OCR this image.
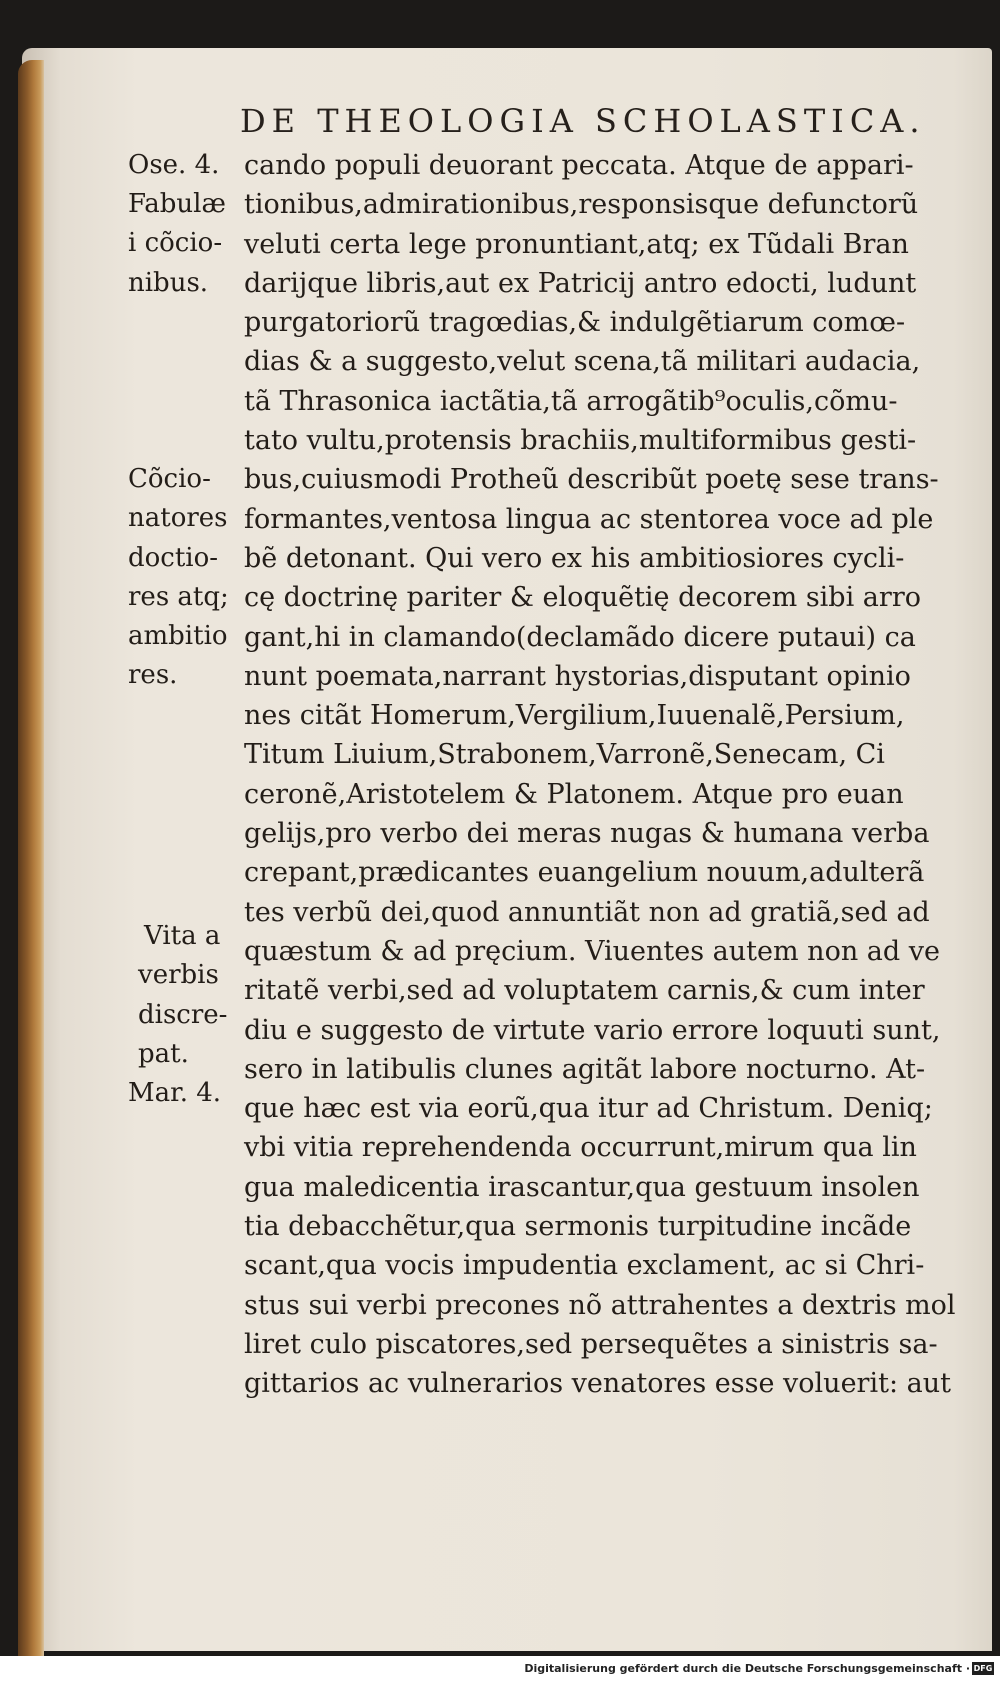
DE THEOLOGIA SCHOLASTICA.
Ose. 4.
Fabulæ
i cõcio-
nibus.
Cõcio-
natores
doctio-
res atq;
ambitio
res.
Vita a
verbis
discre-
pat.
Mar. 4.
cando populi deuorant peccata. Atque de appari-
tionibus,admirationibus,responsisque defunctorũ
veluti certa lege pronuntiant,atq; ex Tũdali Bran
darijque libris,aut ex Patricij antro edocti, ludunt
purgatoriorũ tragœdias,& indulgẽtiarum comœ-
dias & a suggesto,velut scena,tã militari audacia,
tã Thrasonica iactãtia,tã arrogãtib⁹oculis,cõmu-
tato vultu,protensis brachiis,multiformibus gesti-
bus,cuiusmodi Protheũ describũt poetę sese trans-
formantes,ventosa lingua ac stentorea voce ad ple
bẽ detonant. Qui vero ex his ambitiosiores cycli-
cę doctrinę pariter & eloquẽtię decorem sibi arro
gant,hi in clamando(declamãdo dicere putaui) ca
nunt poemata,narrant hystorias,disputant opinio
nes citãt Homerum,Vergilium,Iuuenalẽ,Persium,
Titum Liuium,Strabonem,Varronẽ,Senecam, Ci
ceronẽ,Aristotelem & Platonem. Atque pro euan
gelijs,pro verbo dei meras nugas & humana verba
crepant,prædicantes euangelium nouum,adulterã
tes verbũ dei,quod annuntiãt non ad gratiã,sed ad
quæstum & ad pręcium. Viuentes autem non ad ve
ritatẽ verbi,sed ad voluptatem carnis,& cum inter
diu e suggesto de virtute vario errore loquuti sunt,
sero in latibulis clunes agitãt labore nocturno. At-
que hæc est via eorũ,qua itur ad Christum. Deniq;
vbi vitia reprehendenda occurrunt,mirum qua lin
gua maledicentia irascantur,qua gestuum insolen
tia debacchẽtur,qua sermonis turpitudine incãde
scant,qua vocis impudentia exclament, ac si Chri-
stus sui verbi precones nõ attrahentes a dextris mol
liret culo piscatores,sed persequẽtes a sinistris sa-
gittarios ac vulnerarios venatores esse voluerit: aut
Digitalisierung gefördert durch die Deutsche Forschungsgemeinschaft · DFG
